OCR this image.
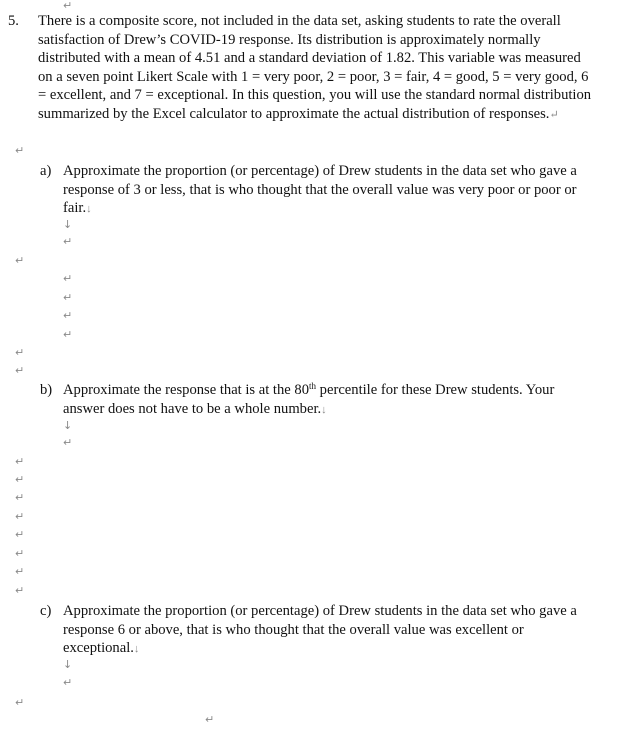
↵
5. There is a composite score, not included in the data set, asking students to rate the overall satisfaction of Drew’s COVID-19 response. Its distribution is approximately normally distributed with a mean of 4.51 and a standard deviation of 1.82. This variable was measured on a seven point Likert Scale with 1 = very poor, 2 = poor, 3 = fair, 4 = good, 5 = very good, 6 = excellent, and 7 = exceptional. In this question, you will use the standard normal distribution summarized by the Excel calculator to approximate the actual distribution of responses.↵

↵
a) Approximate the proportion (or percentage) of Drew students in the data set who gave a response of 3 or less, that is who thought that the overall value was very poor or poor or fair.↓

↓
↵
↵
↵
↵
↵
↵
↵
↵
b) Approximate the response that is at the 80th percentile for these Drew students. Your answer does not have to be a whole number.↓

↓
↵
↵
↵
↵
↵
↵
↵
↵
↵
c) Approximate the proportion (or percentage) of Drew students in the data set who gave a response 6 or above, that is who thought that the overall value was excellent or exceptional.↓

↓
↵
↵
↵
